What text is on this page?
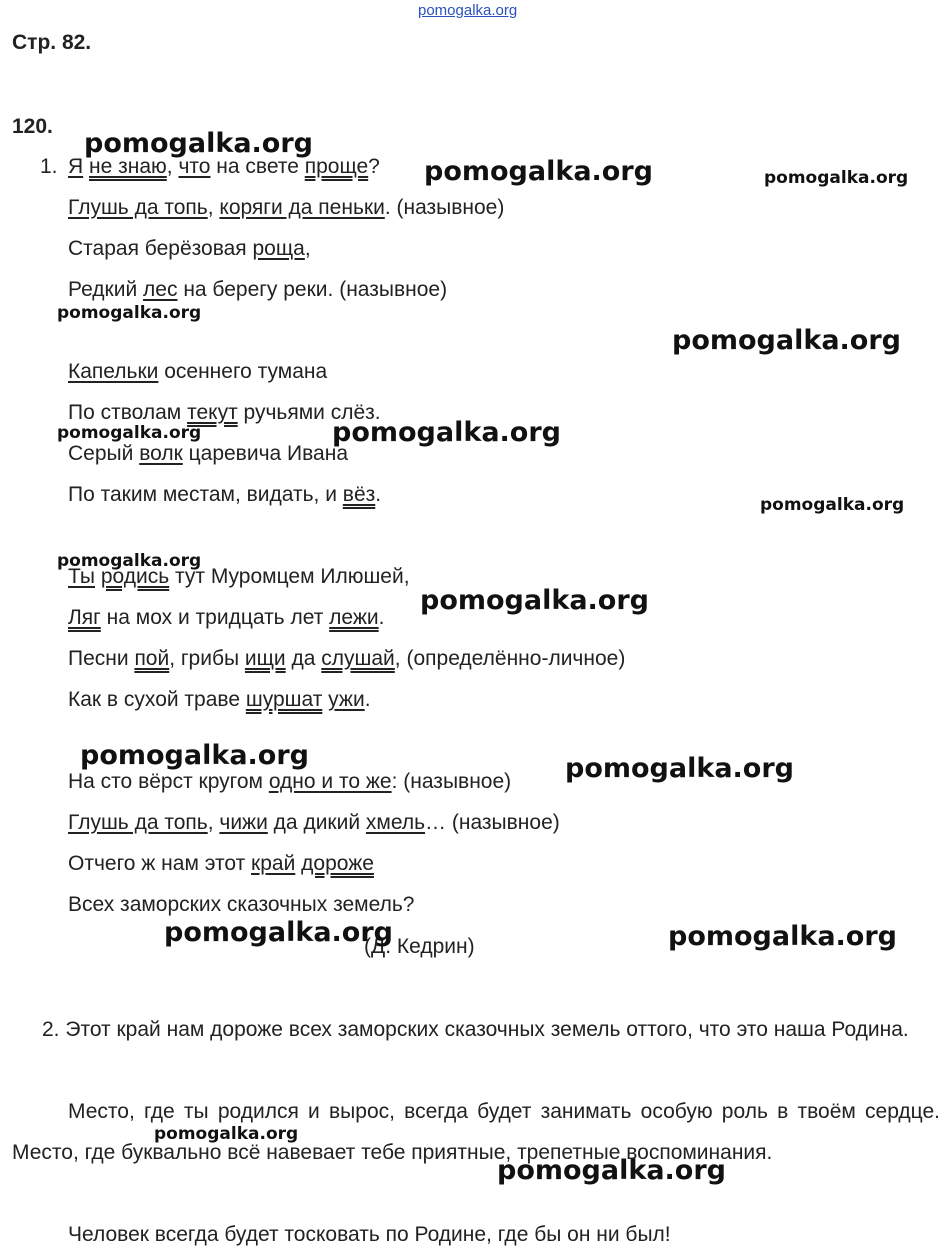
pomogalka.org
Стр. 82.
120.
1. Я не знаю, что на свете проще?
Глушь да топь, коряги да пеньки. (назывное)
Старая берёзовая роща,
Редкий лес на берегу реки. (назывное)
Капельки осеннего тумана
По стволам текут ручьями слёз.
Серый волк царевича Ивана
По таким местам, видать, и вёз.
Ты родись тут Муромцем Илюшей,
Ляг на мох и тридцать лет лежи.
Песни пой, грибы ищи да слушай, (определённо-личное)
Как в сухой траве шуршат ужи.
На сто вёрст кругом одно и то же: (назывное)
Глушь да топь, чижи да дикий хмель… (назывное)
Отчего ж нам этот край дороже
Всех заморских сказочных земель?
(Д. Кедрин)
2. Этот край нам дороже всех заморских сказочных земель оттого, что это наша Родина.
Место, где ты родился и вырос, всегда будет занимать особую роль в твоём сердце. Место, где буквально всё навевает тебе приятные, трепетные воспоминания.
Человек всегда будет тосковать по Родине, где бы он ни был!
pomogalka.org
pomogalka.org	pomogalka.org
pomogalka.org
pomogalka.org
pomogalka.org	pomogalka.org
pomogalka.org
pomogalka.org
pomogalka.org
pomogalka.org	pomogalka.org
pomogalka.org	pomogalka.org
pomogalka.org
pomogalka.org
